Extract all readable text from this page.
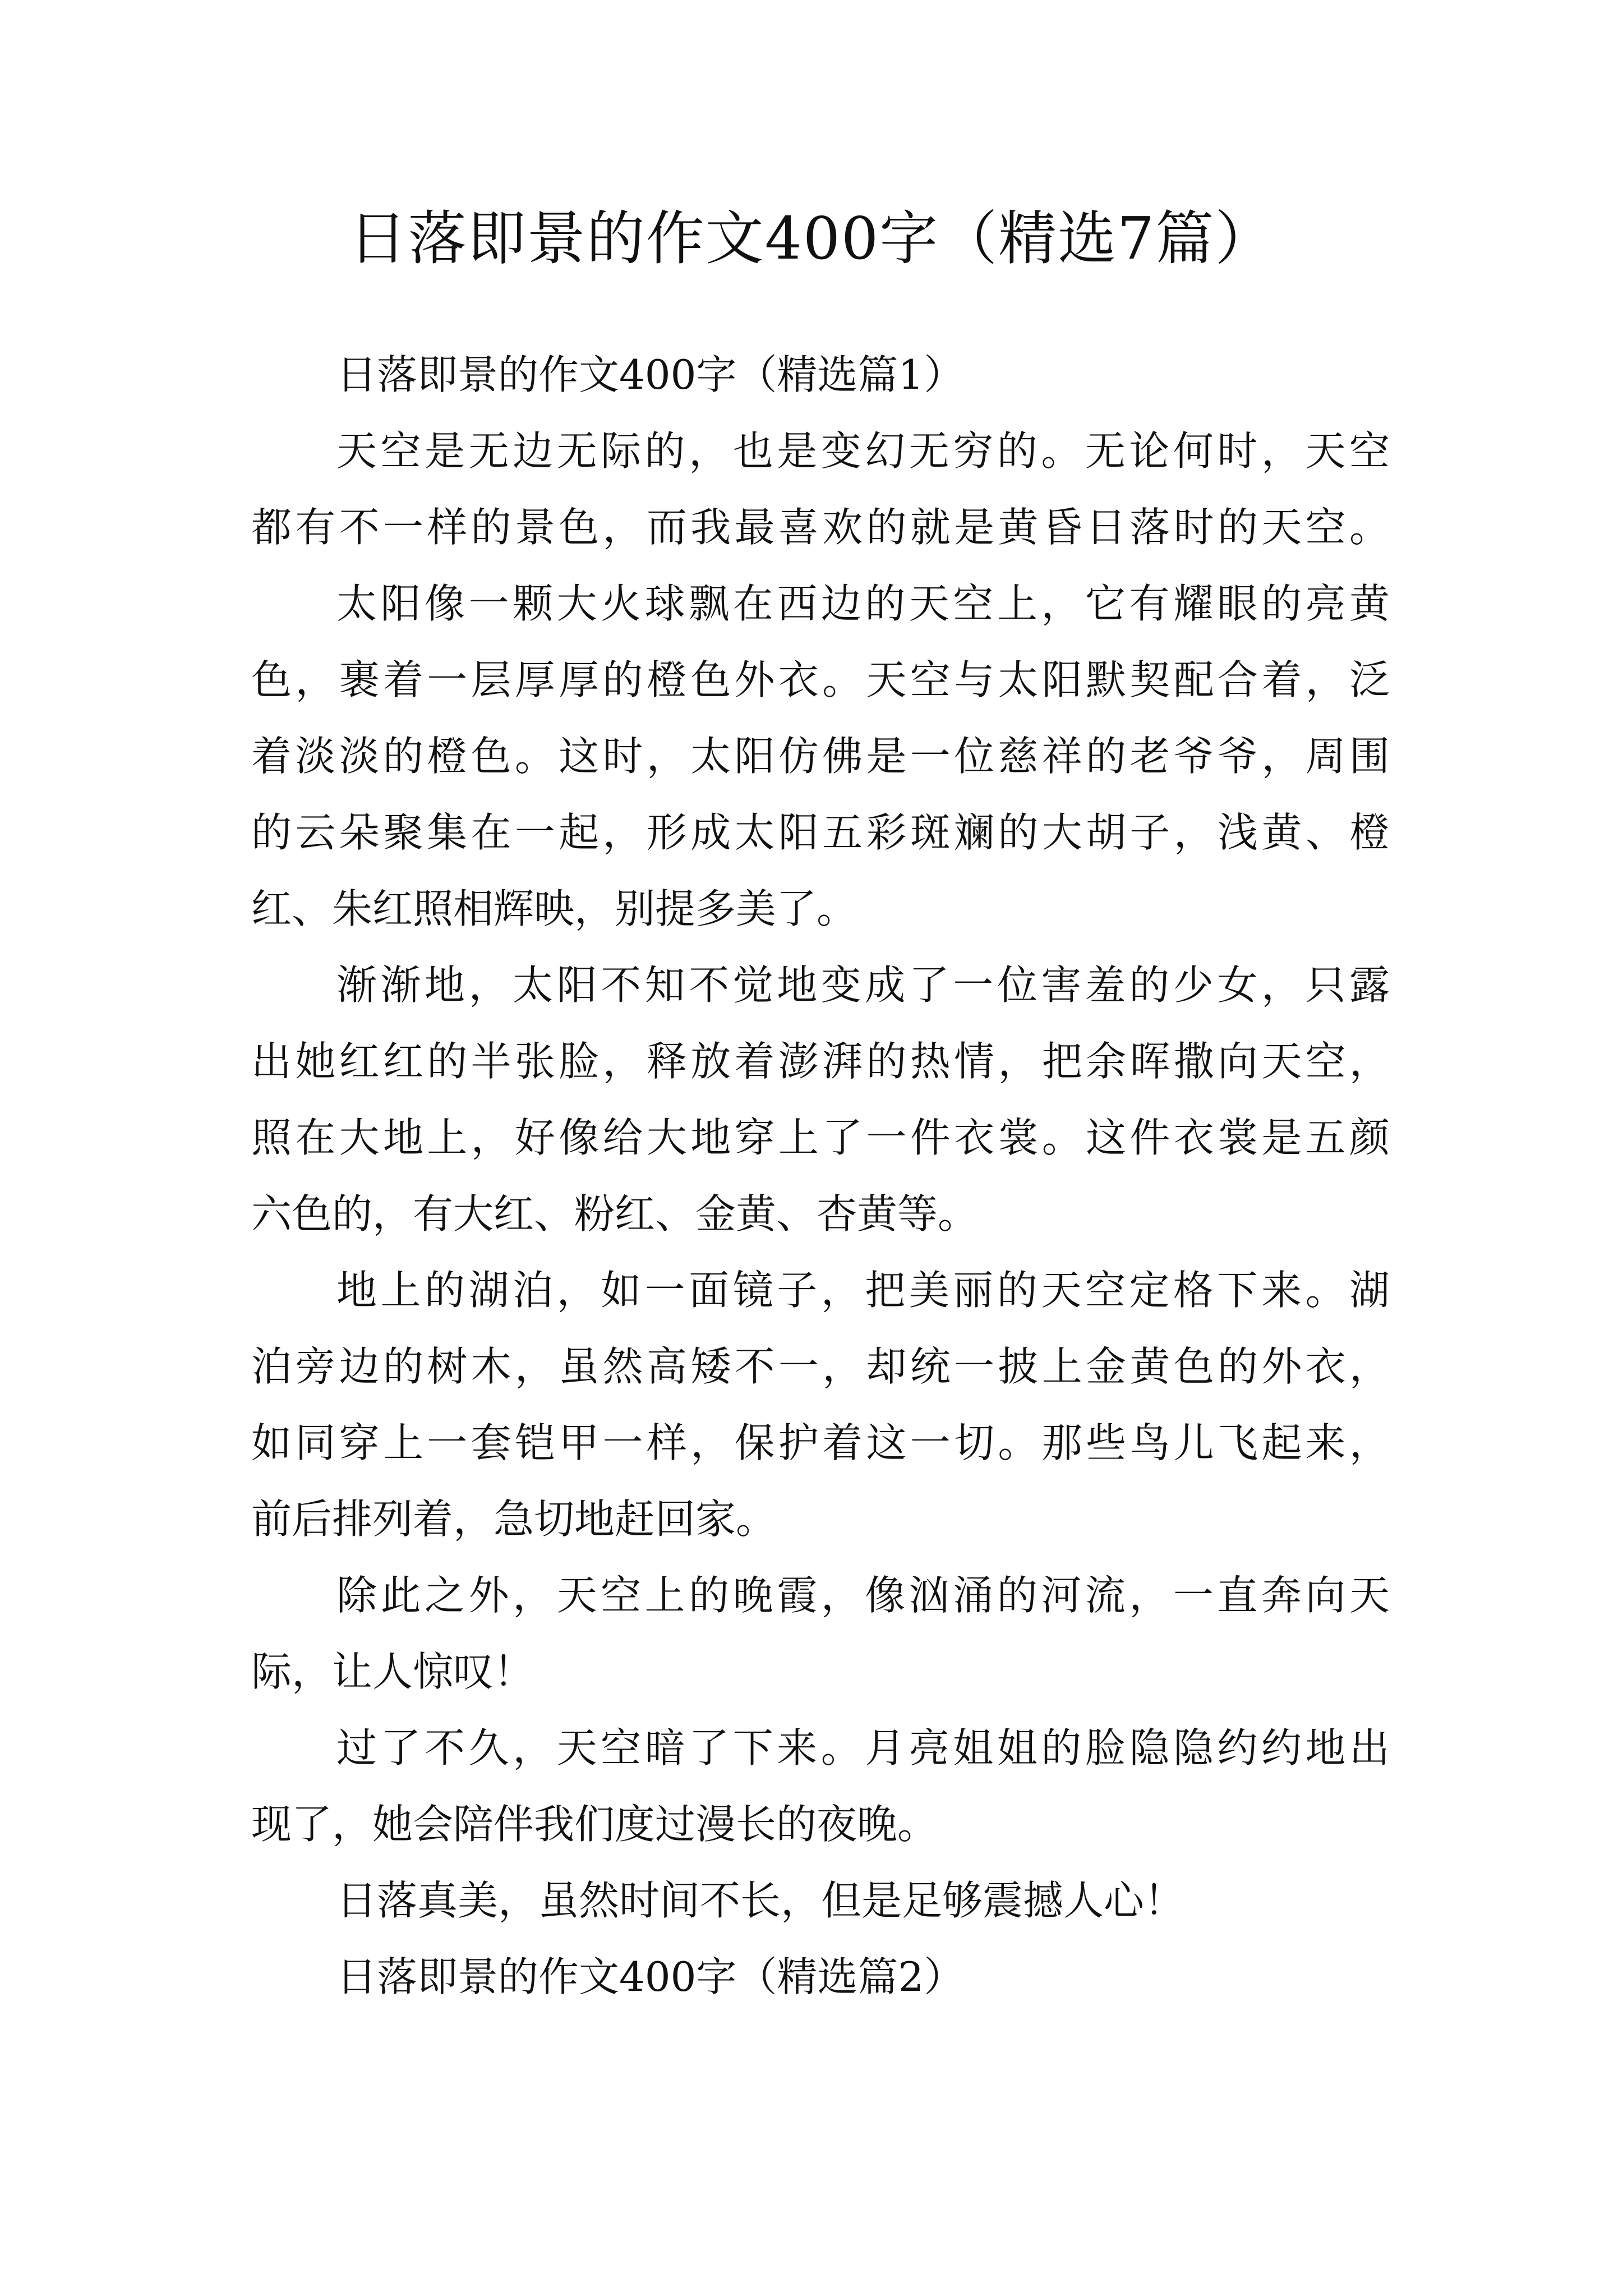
日落即景的作文400字（精选7篇）

日落即景的作文400字（精选篇1）

天空是无边无际的，也是变幻无穷的。无论何时，天空

都有不一样的景色，而我最喜欢的就是黄昏日落时的天空。

太阳像一颗大火球飘在西边的天空上，它有耀眼的亮黄

色，裹着一层厚厚的橙色外衣。天空与太阳默契配合着，泛

着淡淡的橙色。这时，太阳仿佛是一位慈祥的老爷爷，周围

的云朵聚集在一起，形成太阳五彩斑斓的大胡子，浅黄、橙

红、朱红照相辉映，别提多美了。

渐渐地，太阳不知不觉地变成了一位害羞的少女，只露

出她红红的半张脸，释放着澎湃的热情，把余晖撒向天空，

照在大地上，好像给大地穿上了一件衣裳。这件衣裳是五颜

六色的，有大红、粉红、金黄、杏黄等。

地上的湖泊，如一面镜子，把美丽的天空定格下来。湖

泊旁边的树木，虽然高矮不一，却统一披上金黄色的外衣，

如同穿上一套铠甲一样，保护着这一切。那些鸟儿飞起来，

前后排列着，急切地赶回家。

除此之外，天空上的晚霞，像汹涌的河流，一直奔向天

际，让人惊叹！

过了不久，天空暗了下来。月亮姐姐的脸隐隐约约地出

现了，她会陪伴我们度过漫长的夜晚。

日落真美，虽然时间不长，但是足够震撼人心！

日落即景的作文400字（精选篇2）
